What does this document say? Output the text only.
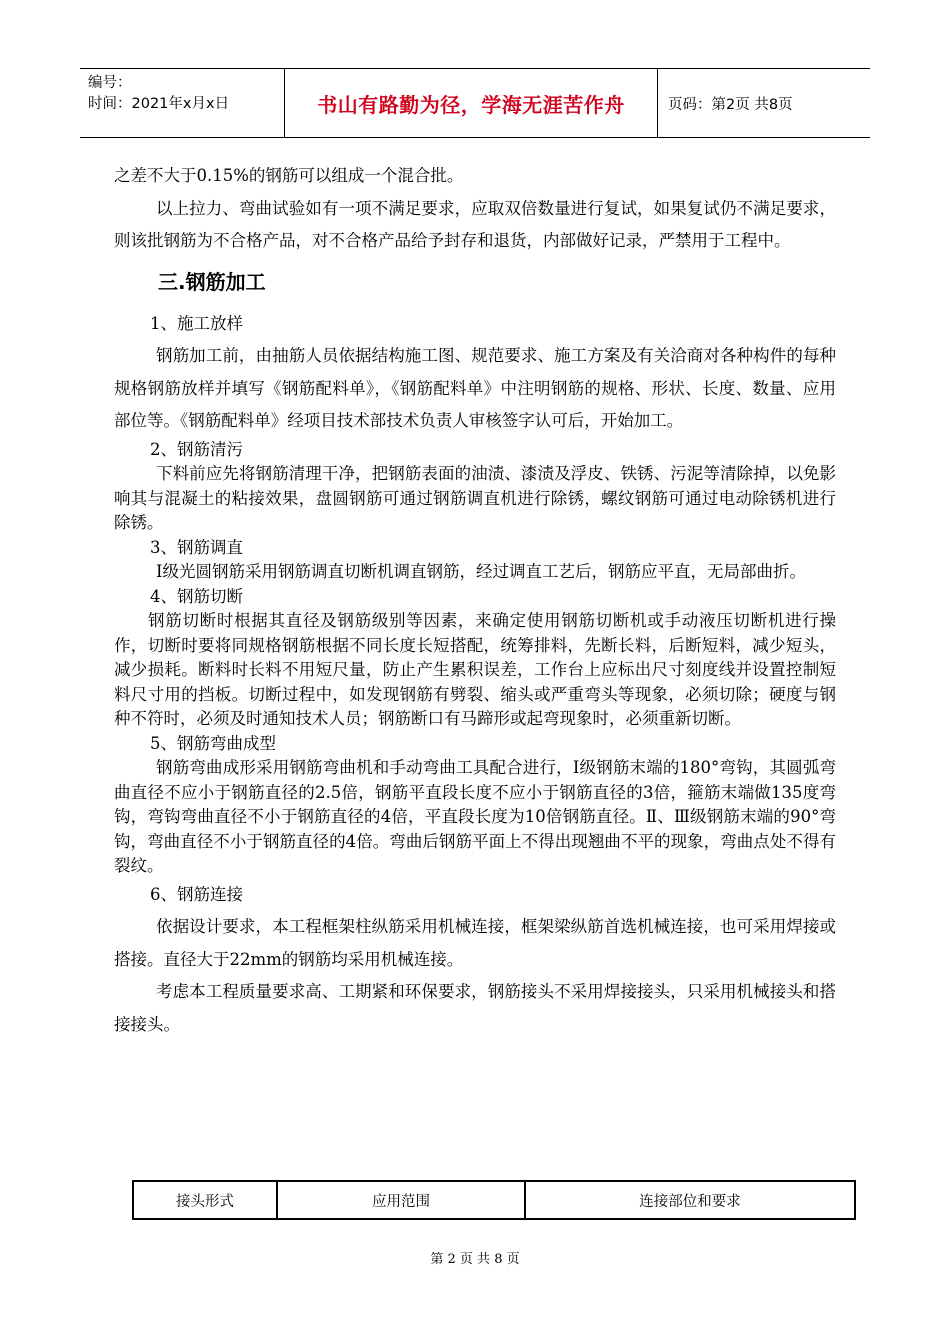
编号：
时间：2021年x月x日	书山有路勤为径，学海无涯苦作舟	页码：第2页 共8页

之差不大于0.15%的钢筋可以组成一个混合批。

以上拉力、弯曲试验如有一项不满足要求，应取双倍数量进行复试，如果复试仍不满足要求，则该批钢筋为不合格产品，对不合格产品给予封存和退货，内部做好记录，严禁用于工程中。

三.钢筋加工

1、施工放样

钢筋加工前，由抽筋人员依据结构施工图、规范要求、施工方案及有关洽商对各种构件的每种规格钢筋放样并填写《钢筋配料单》，《钢筋配料单》中注明钢筋的规格、形状、长度、数量、应用部位等。《钢筋配料单》经项目技术部技术负责人审核签字认可后，开始加工。

2、钢筋清污

下料前应先将钢筋清理干净，把钢筋表面的油渍、漆渍及浮皮、铁锈、污泥等清除掉，以免影响其与混凝土的粘接效果，盘圆钢筋可通过钢筋调直机进行除锈，螺纹钢筋可通过电动除锈机进行除锈。

3、钢筋调直

I级光圆钢筋采用钢筋调直切断机调直钢筋，经过调直工艺后，钢筋应平直，无局部曲折。

4、钢筋切断

钢筋切断时根据其直径及钢筋级别等因素，来确定使用钢筋切断机或手动液压切断机进行操作，切断时要将同规格钢筋根据不同长度长短搭配，统筹排料，先断长料，后断短料，减少短头，减少损耗。断料时长料不用短尺量，防止产生累积误差，工作台上应标出尺寸刻度线并设置控制短料尺寸用的挡板。切断过程中，如发现钢筋有劈裂、缩头或严重弯头等现象，必须切除；硬度与钢种不符时，必须及时通知技术人员；钢筋断口有马蹄形或起弯现象时，必须重新切断。

5、钢筋弯曲成型

钢筋弯曲成形采用钢筋弯曲机和手动弯曲工具配合进行，I级钢筋末端的180°弯钩，其圆弧弯曲直径不应小于钢筋直径的2.5倍，钢筋平直段长度不应小于钢筋直径的3倍，箍筋末端做135度弯钩，弯钩弯曲直径不小于钢筋直径的4倍，平直段长度为10倍钢筋直径。Ⅱ、Ⅲ级钢筋末端的90°弯钩，弯曲直径不小于钢筋直径的4倍。弯曲后钢筋平面上不得出现翘曲不平的现象，弯曲点处不得有裂纹。

6、钢筋连接

依据设计要求，本工程框架柱纵筋采用机械连接，框架梁纵筋首选机械连接，也可采用焊接或搭接。直径大于22mm的钢筋均采用机械连接。

考虑本工程质量要求高、工期紧和环保要求，钢筋接头不采用焊接接头，只采用机械接头和搭接接头。

接头形式	应用范围	连接部位和要求
第 2 页 共 8 页
